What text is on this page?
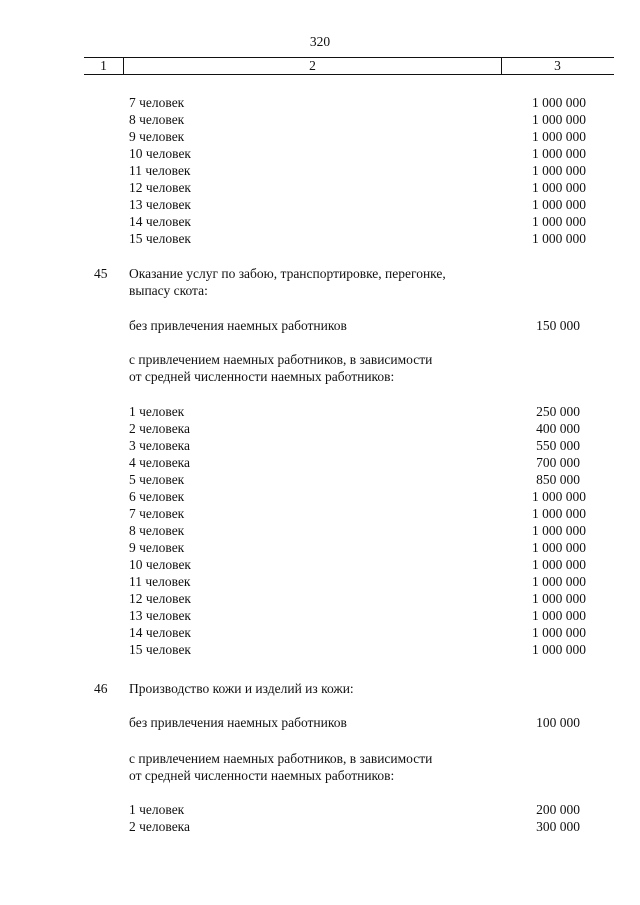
320
1	2	3
7 человек	1 000 000
8 человек	1 000 000
9 человек	1 000 000
10 человек	1 000 000
11 человек	1 000 000
12 человек	1 000 000
13 человек	1 000 000
14 человек	1 000 000
15 человек	1 000 000
45 Оказание услуг по забою, транспортировке, перегонке,
выпасу скота:
без привлечения наемных работников	150 000
с привлечением наемных работников, в зависимости
от средней численности наемных работников:
1 человек	250 000
2 человека	400 000
3 человека	550 000
4 человека	700 000
5 человек	850 000
6 человек	1 000 000
7 человек	1 000 000
8 человек	1 000 000
9 человек	1 000 000
10 человек	1 000 000
11 человек	1 000 000
12 человек	1 000 000
13 человек	1 000 000
14 человек	1 000 000
15 человек	1 000 000
46 Производство кожи и изделий из кожи:
без привлечения наемных работников	100 000
с привлечением наемных работников, в зависимости
от средней численности наемных работников:
1 человек	200 000
2 человека	300 000
